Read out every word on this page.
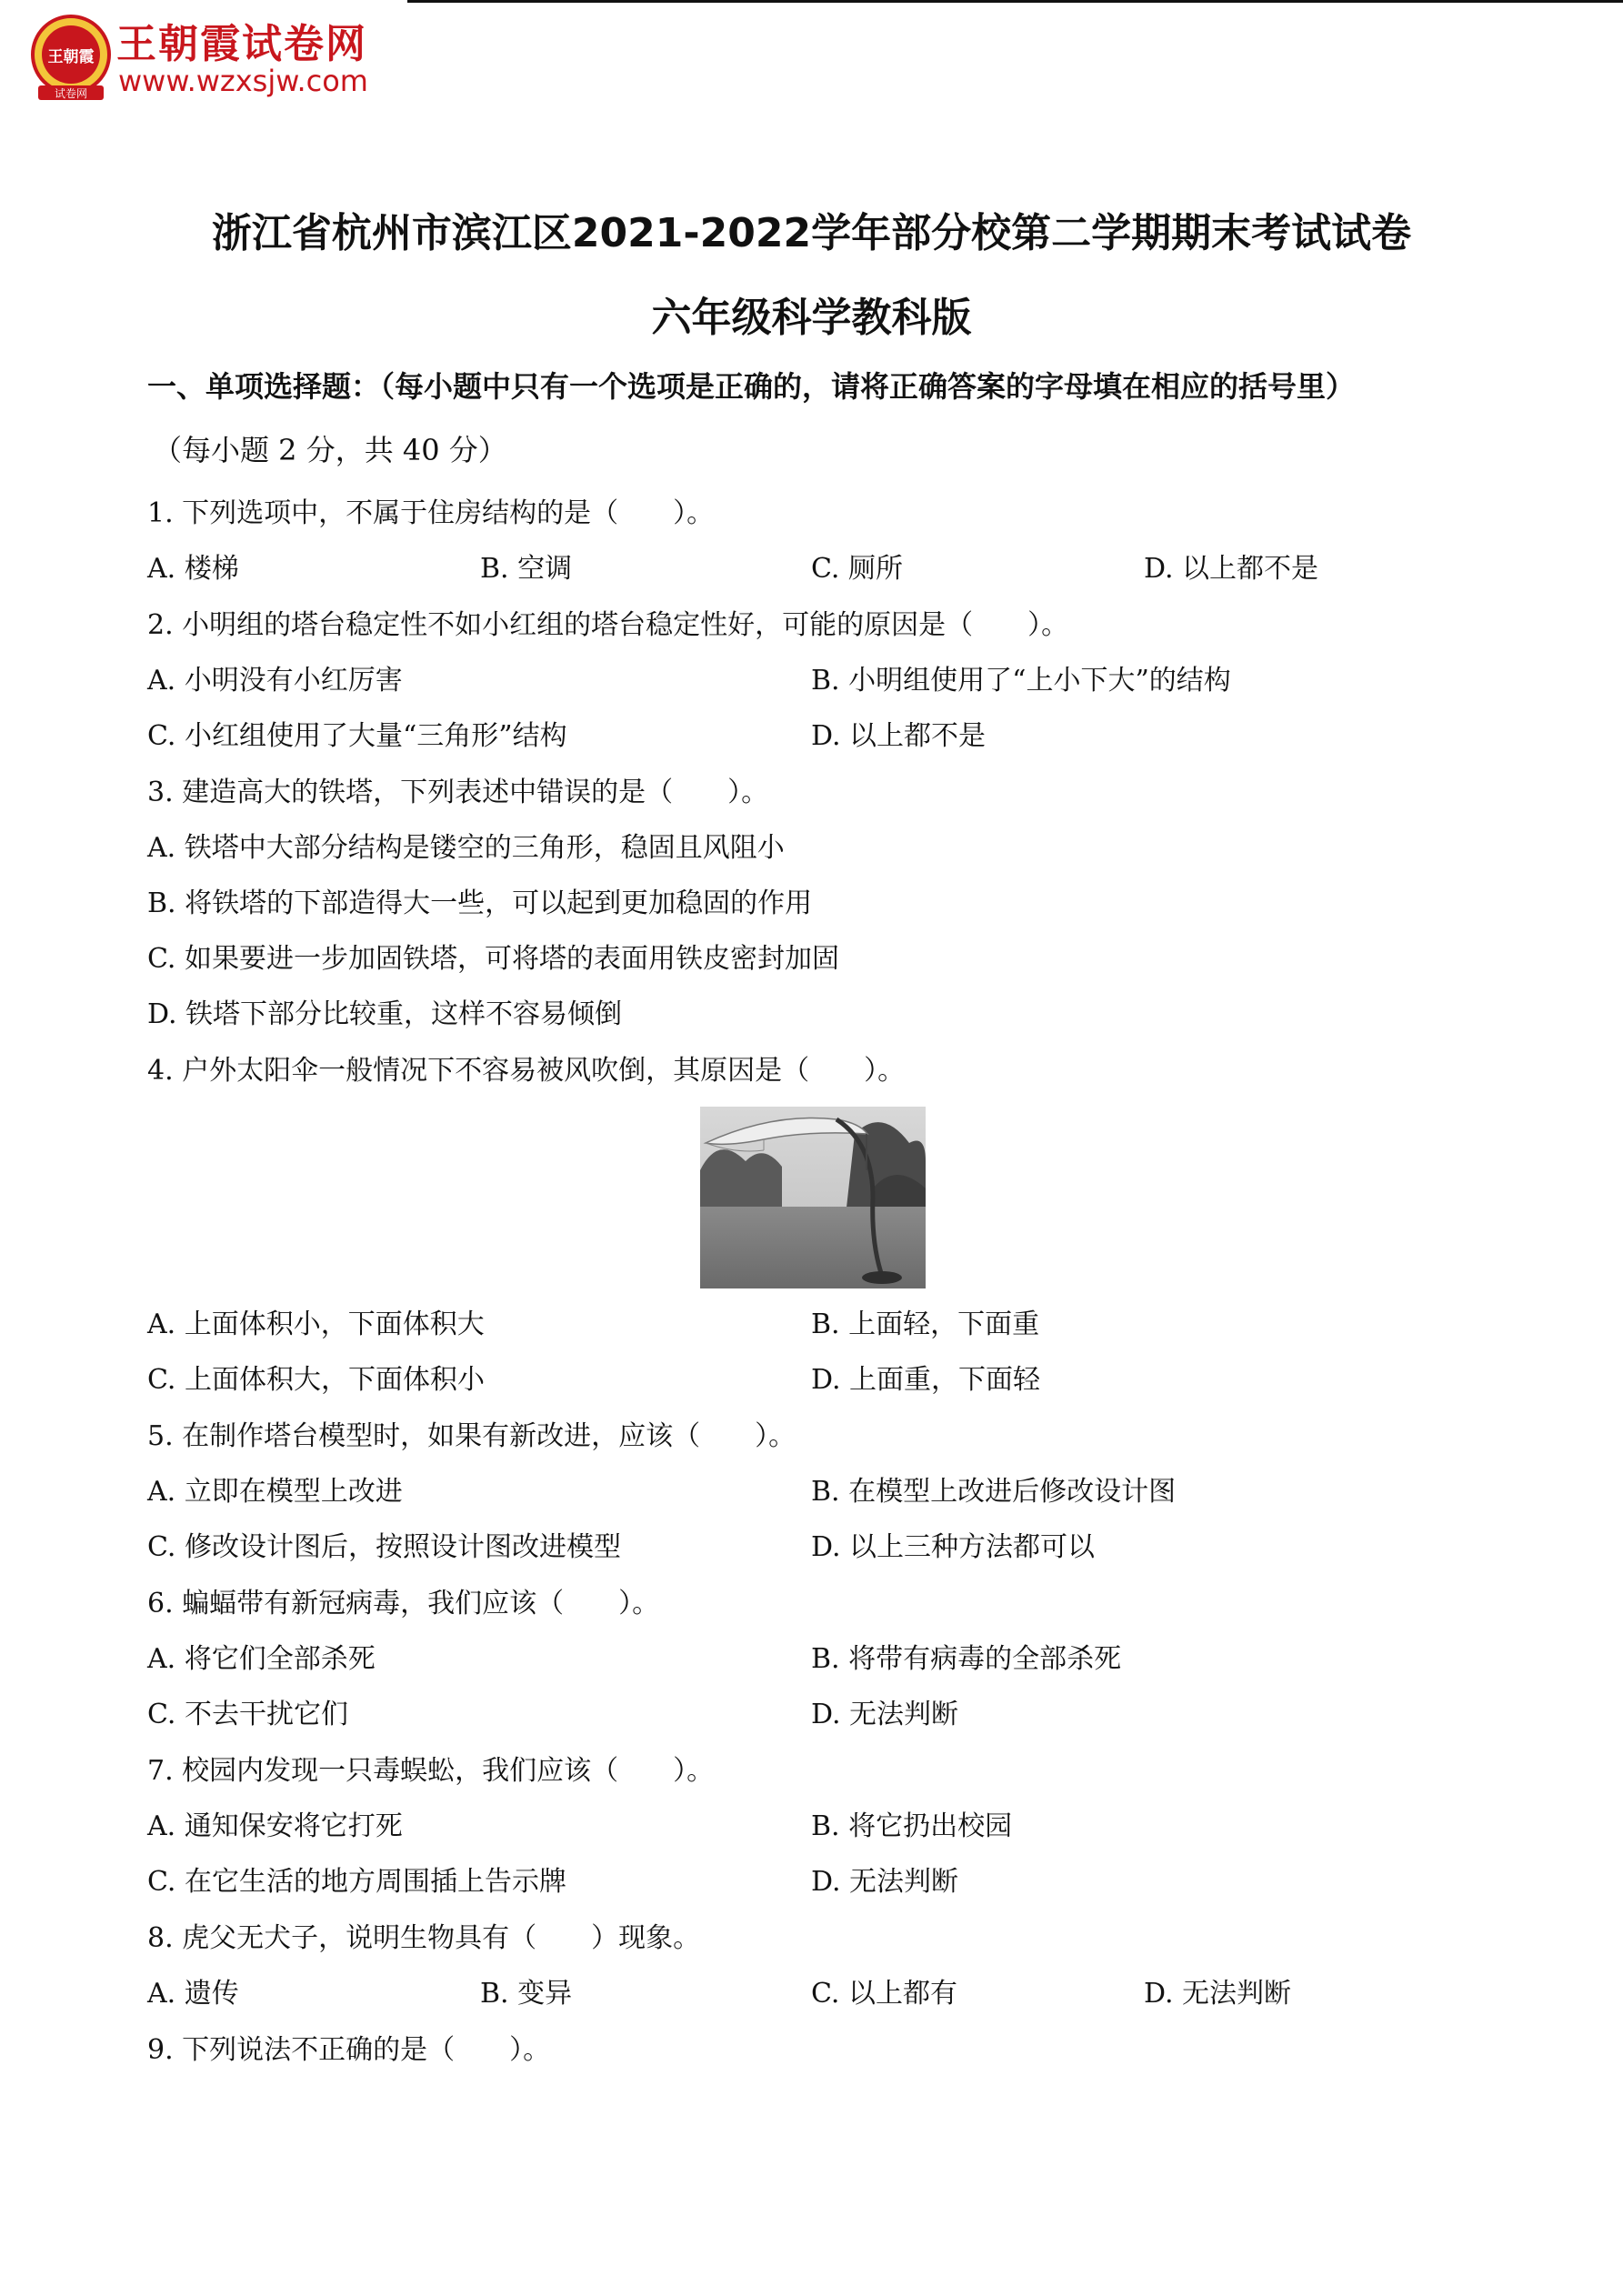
王朝霞
试卷网
王朝霞试卷网
www.wzxsjw.com
浙江省杭州市滨江区2021-2022学年部分校第二学期期末考试试卷
六年级科学教科版
一、单项选择题：（每小题中只有一个选项是正确的，请将正确答案的字母填在相应的括号里）
（每小题 2 分，共 40 分）
1. 下列选项中，不属于住房结构的是（　　）。
A. 楼梯	B. 空调	C. 厕所	D. 以上都不是
2. 小明组的塔台稳定性不如小红组的塔台稳定性好，可能的原因是（　　）。
A. 小明没有小红厉害	B. 小明组使用了“上小下大”的结构
C. 小红组使用了大量“三角形”结构	D. 以上都不是
3. 建造高大的铁塔，下列表述中错误的是（　　）。
A. 铁塔中大部分结构是镂空的三角形，稳固且风阻小
B. 将铁塔的下部造得大一些，可以起到更加稳固的作用
C. 如果要进一步加固铁塔，可将塔的表面用铁皮密封加固
D. 铁塔下部分比较重，这样不容易倾倒
4. 户外太阳伞一般情况下不容易被风吹倒，其原因是（　　）。
A. 上面体积小，下面体积大	B. 上面轻，下面重
C. 上面体积大，下面体积小	D. 上面重，下面轻
5. 在制作塔台模型时，如果有新改进，应该（　　）。
A. 立即在模型上改进	B. 在模型上改进后修改设计图
C. 修改设计图后，按照设计图改进模型	D. 以上三种方法都可以
6. 蝙蝠带有新冠病毒，我们应该（　　）。
A. 将它们全部杀死	B. 将带有病毒的全部杀死
C. 不去干扰它们	D. 无法判断
7. 校园内发现一只毒蜈蚣，我们应该（　　）。
A. 通知保安将它打死	B. 将它扔出校园
C. 在它生活的地方周围插上告示牌	D. 无法判断
8. 虎父无犬子，说明生物具有（　　）现象。
A. 遗传	B. 变异	C. 以上都有	D. 无法判断
9. 下列说法不正确的是（　　）。
